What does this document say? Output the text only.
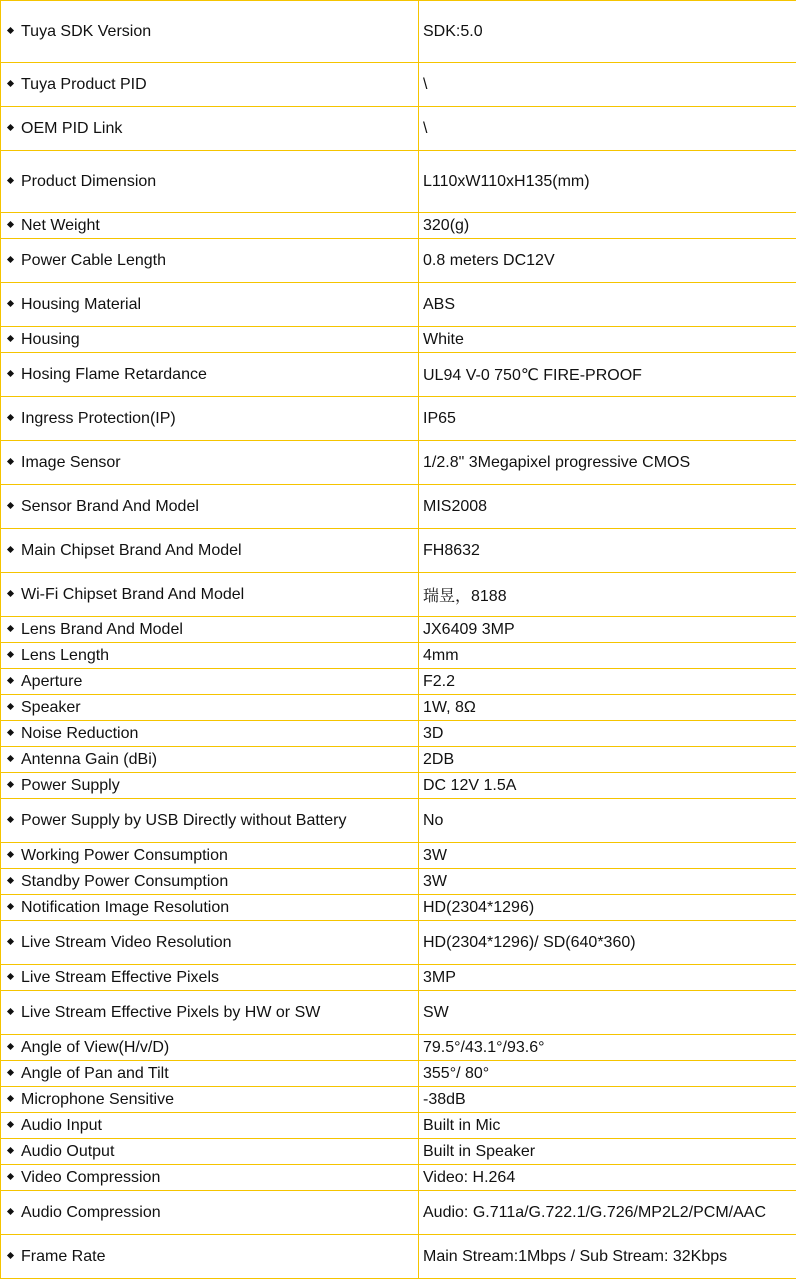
Tuya SDK Version	SDK:5.0
Tuya Product PID	\
OEM PID Link	\
Product Dimension	L110xW110xH135(mm)
Net Weight	320(g)
Power Cable Length	0.8 meters DC12V
Housing Material	ABS
Housing	White
Hosing Flame Retardance	UL94 V-0 750℃ FIRE-PROOF
Ingress Protection(IP)	IP65
Image Sensor	1/2.8" 3Megapixel progressive CMOS
Sensor Brand And Model	MIS2008
Main Chipset Brand And Model	FH8632
Wi-Fi Chipset Brand And Model	瑞昱，8188
Lens Brand And Model	JX6409 3MP
Lens Length	4mm
Aperture	F2.2
Speaker	1W, 8Ω
Noise Reduction	3D
Antenna Gain (dBi)	2DB
Power Supply	DC 12V 1.5A
Power Supply by USB Directly without Battery	No
Working Power Consumption	3W
Standby Power Consumption	3W
Notification Image Resolution	HD(2304*1296)
Live Stream Video Resolution	HD(2304*1296)/ SD(640*360)
Live Stream Effective Pixels	3MP
Live Stream Effective Pixels by HW or SW	SW
Angle of View(H/v/D)	79.5°/43.1°/93.6°
Angle of Pan and Tilt	355°/ 80°
Microphone Sensitive	-38dB
Audio Input	Built in Mic
Audio Output	Built in Speaker
Video Compression	Video: H.264
Audio Compression	Audio: G.711a/G.722.1/G.726/MP2L2/PCM/AAC
Frame Rate	Main Stream:1Mbps / Sub Stream: 32Kbps
